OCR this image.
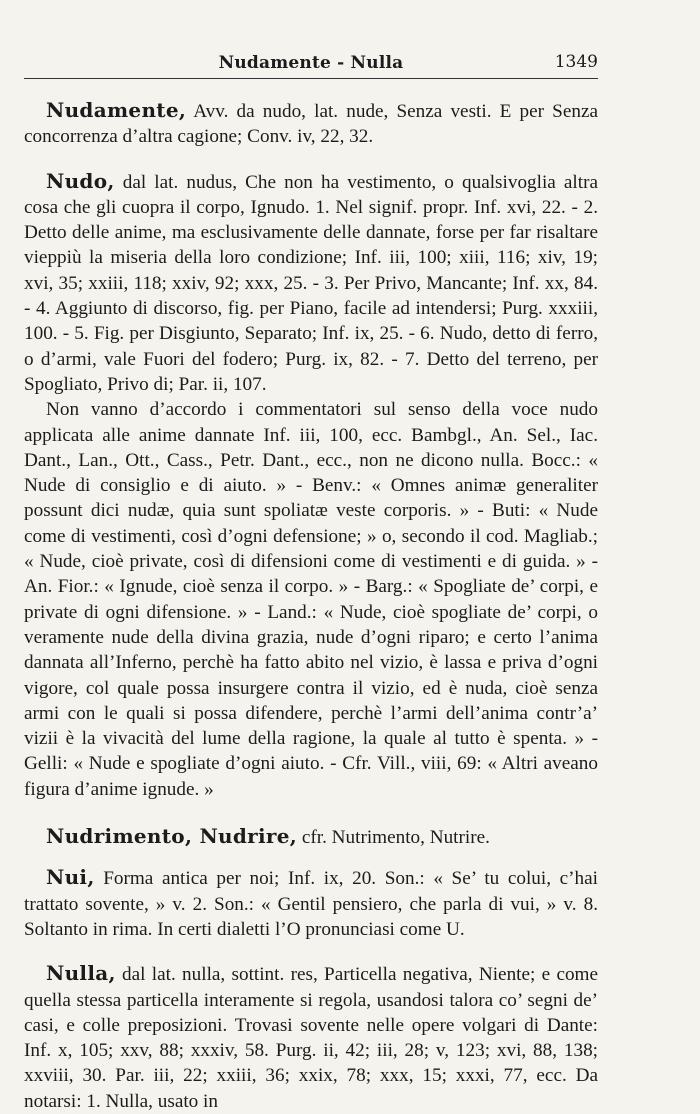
Nudamente - Nulla	1349

Nudamente, Avv. da nudo, lat. nude, Senza vesti. E per Senza concorrenza d’altra cagione; Conv. iv, 22, 32.

Nudo, dal lat. nudus, Che non ha vestimento, o qualsivoglia altra cosa che gli cuopra il corpo, Ignudo. 1. Nel signif. propr. Inf. xvi, 22. - 2. Detto delle anime, ma esclusivamente delle dannate, forse per far risaltare vieppiù la miseria della loro condizione; Inf. iii, 100; xiii, 116; xiv, 19; xvi, 35; xxiii, 118; xxiv, 92; xxx, 25. - 3. Per Privo, Mancante; Inf. xx, 84. - 4. Aggiunto di discorso, fig. per Piano, facile ad intendersi; Purg. xxxiii, 100. - 5. Fig. per Disgiunto, Separato; Inf. ix, 25. - 6. Nudo, detto di ferro, o d’armi, vale Fuori del fodero; Purg. ix, 82. - 7. Detto del terreno, per Spogliato, Privo di; Par. ii, 107.

Non vanno d’accordo i commentatori sul senso della voce nudo applicata alle anime dannate Inf. iii, 100, ecc. Bambgl., An. Sel., Iac. Dant., Lan., Ott., Cass., Petr. Dant., ecc., non ne dicono nulla. Bocc.: « Nude di consiglio e di aiuto. » - Benv.: « Omnes animæ generaliter possunt dici nudæ, quia sunt spoliatæ veste corporis. » - Buti: « Nude come di vestimenti, così d’ogni defensione; » o, secondo il cod. Magliab.; « Nude, cioè private, così di difensioni come di vestimenti e di guida. » - An. Fior.: « Ignude, cioè senza il corpo. » - Barg.: « Spogliate de’ corpi, e private di ogni difensione. » - Land.: « Nude, cioè spogliate de’ corpi, o veramente nude della divina grazia, nude d’ogni riparo; e certo l’anima dannata all’Inferno, perchè ha fatto abito nel vizio, è lassa e priva d’ogni vigore, col quale possa insurgere contra il vizio, ed è nuda, cioè senza armi con le quali si possa difendere, perchè l’armi dell’anima contr’a’ vizii è la vivacità del lume della ragione, la quale al tutto è spenta. » - Gelli: « Nude e spogliate d’ogni aiuto. - Cfr. Vill., viii, 69: « Altri aveano figura d’anime ignude. »

Nudrimento, Nudrire, cfr. Nutrimento, Nutrire.

Nui, Forma antica per noi; Inf. ix, 20. Son.: « Se’ tu colui, c’hai trattato sovente, » v. 2. Son.: « Gentil pensiero, che parla di vui, » v. 8. Soltanto in rima. In certi dialetti l’O pronunciasi come U.

Nulla, dal lat. nulla, sottint. res, Particella negativa, Niente; e come quella stessa particella interamente si regola, usandosi talora co’ segni de’ casi, e colle preposizioni. Trovasi sovente nelle opere volgari di Dante: Inf. x, 105; xxv, 88; xxxiv, 58. Purg. ii, 42; iii, 28; v, 123; xvi, 88, 138; xxviii, 30. Par. iii, 22; xxiii, 36; xxix, 78; xxx, 15; xxxi, 77, ecc. Da notarsi: 1. Nulla, usato in
